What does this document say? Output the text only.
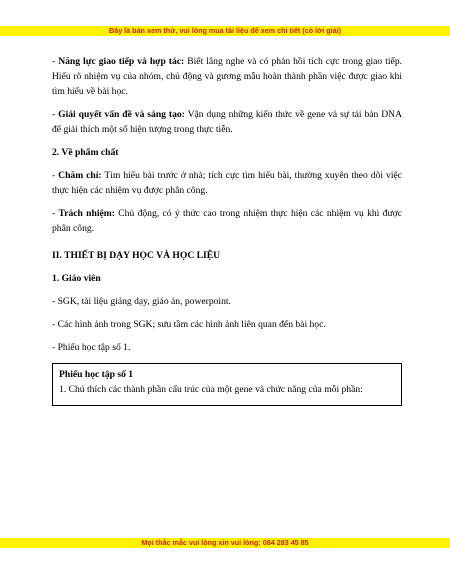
Đây là bản xem thử, vui lòng mua tài liệu để xem chi tiết (có lời giải)

- Năng lực giao tiếp và hợp tác: Biết lắng nghe và có phản hồi tích cực trong giao tiếp. Hiểu rõ nhiệm vụ của nhóm, chủ động và gương mẫu hoàn thành phần việc được giao khi tìm hiểu về bài học.

- Giải quyết vấn đề và sáng tạo: Vận dụng những kiến thức về gene và sự tái bản DNA để giải thích một số hiện tượng trong thực tiễn.

2. Về phẩm chất

- Chăm chỉ: Tìm hiểu bài trước ở nhà; tích cực tìm hiểu bài, thường xuyên theo dõi việc thực hiện các nhiệm vụ được phân công.

- Trách nhiệm: Chủ động, có ý thức cao trong nhiệm thực hiện các nhiệm vụ khi được phân công.

II. THIẾT BỊ DẠY HỌC VÀ HỌC LIỆU

1. Giáo viên

- SGK, tài liệu giảng dạy, giáo án, powerpoint.

- Các hình ảnh trong SGK; sưu tầm các hình ảnh liên quan đến bài học.

- Phiếu học tập số 1.

Phiếu học tập số 1

1. Chú thích các thành phần cấu trúc của một gene và chức năng của mỗi phần:

Mọi thắc mắc vui lòng xin vui lòng: 084 283 45 85
